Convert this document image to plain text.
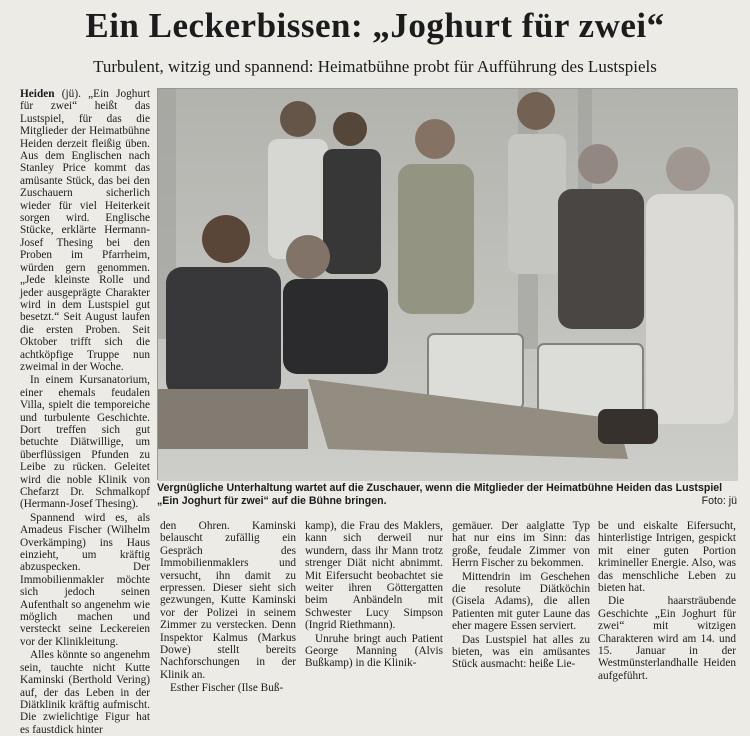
Ein Leckerbissen: „Joghurt für zwei“
Turbulent, witzig und spannend: Heimatbühne probt für Aufführung des Lustspiels

Heiden (jü). „Ein Joghurt für zwei“ heißt das Lustspiel, für das die Mitglieder der Heimatbühne Heiden derzeit fleißig üben. Aus dem Englischen nach Stanley Price kommt das amüsante Stück, das bei den Zuschauern sicherlich wieder für viel Heiterkeit sorgen wird. Englische Stücke, erklärte Hermann-Josef Thesing bei den Proben im Pfarrheim, würden gern genommen. „Jede kleinste Rolle und jeder ausgeprägte Charakter wird in dem Lustspiel gut besetzt.“ Seit August laufen die ersten Proben. Seit Oktober trifft sich die achtköpfige Truppe nun zweimal in der Woche.

In einem Kursanatorium, einer ehemals feudalen Villa, spielt die temporeiche und turbulente Geschichte. Dort treffen sich gut betuchte Diätwillige, um überflüssigen Pfunden zu Leibe zu rücken. Geleitet wird die noble Klinik von Chefarzt Dr. Schmalkopf (Hermann-Josef Thesing).

Spannend wird es, als Amadeus Fischer (Wilhelm Overkämping) ins Haus einzieht, um kräftig abzuspecken. Der Immobilienmakler möchte sich jedoch seinen Aufenthalt so angenehm wie möglich machen und versteckt seine Leckereien vor der Klinikleitung.

Alles könnte so angenehm sein, tauchte nicht Kutte Kaminski (Berthold Vering) auf, der das Leben in der Diätklinik kräftig aufmischt. Die zwielichtige Figur hat es faustdick hinter

Vergnügliche Unterhaltung wartet auf die Zuschauer, wenn die Mitglieder der Heimatbühne Heiden das Lustspiel „Ein Joghurt für zwei“ auf die Bühne bringen.	Foto: jü

den Ohren. Kaminski belauscht zufällig ein Gespräch des Immobilienmaklers und versucht, ihn damit zu erpressen. Dieser sieht sich gezwungen, Kutte Kaminski vor der Polizei in seinem Zimmer zu verstecken. Denn Inspektor Kalmus (Markus Dowe) stellt bereits Nachforschungen in der Klinik an.

Esther Fischer (Ilse Buß-

kamp), die Frau des Maklers, kann sich derweil nur wundern, dass ihr Mann trotz strenger Diät nicht abnimmt. Mit Eifersucht beobachtet sie weiter ihren Göttergatten beim Anbändeln mit Schwester Lucy Simpson (Ingrid Riethmann).

Unruhe bringt auch Patient George Manning (Alvis Bußkamp) in die Klinik-

gemäuer. Der aalglatte Typ hat nur eins im Sinn: das große, feudale Zimmer von Herrn Fischer zu bekommen.

Mittendrin im Geschehen die resolute Diätköchin (Gisela Adams), die allen Patienten mit guter Laune das eher magere Essen serviert.

Das Lustspiel hat alles zu bieten, was ein amüsantes Stück ausmacht: heiße Lie-

be und eiskalte Eifersucht, hinterlistige Intrigen, gespickt mit einer guten Portion krimineller Energie. Also, was das menschliche Leben zu bieten hat.

Die haarsträubende Geschichte „Ein Joghurt für zwei“ mit witzigen Charakteren wird am 14. und 15. Januar in der Westmünsterlandhalle Heiden aufgeführt.
